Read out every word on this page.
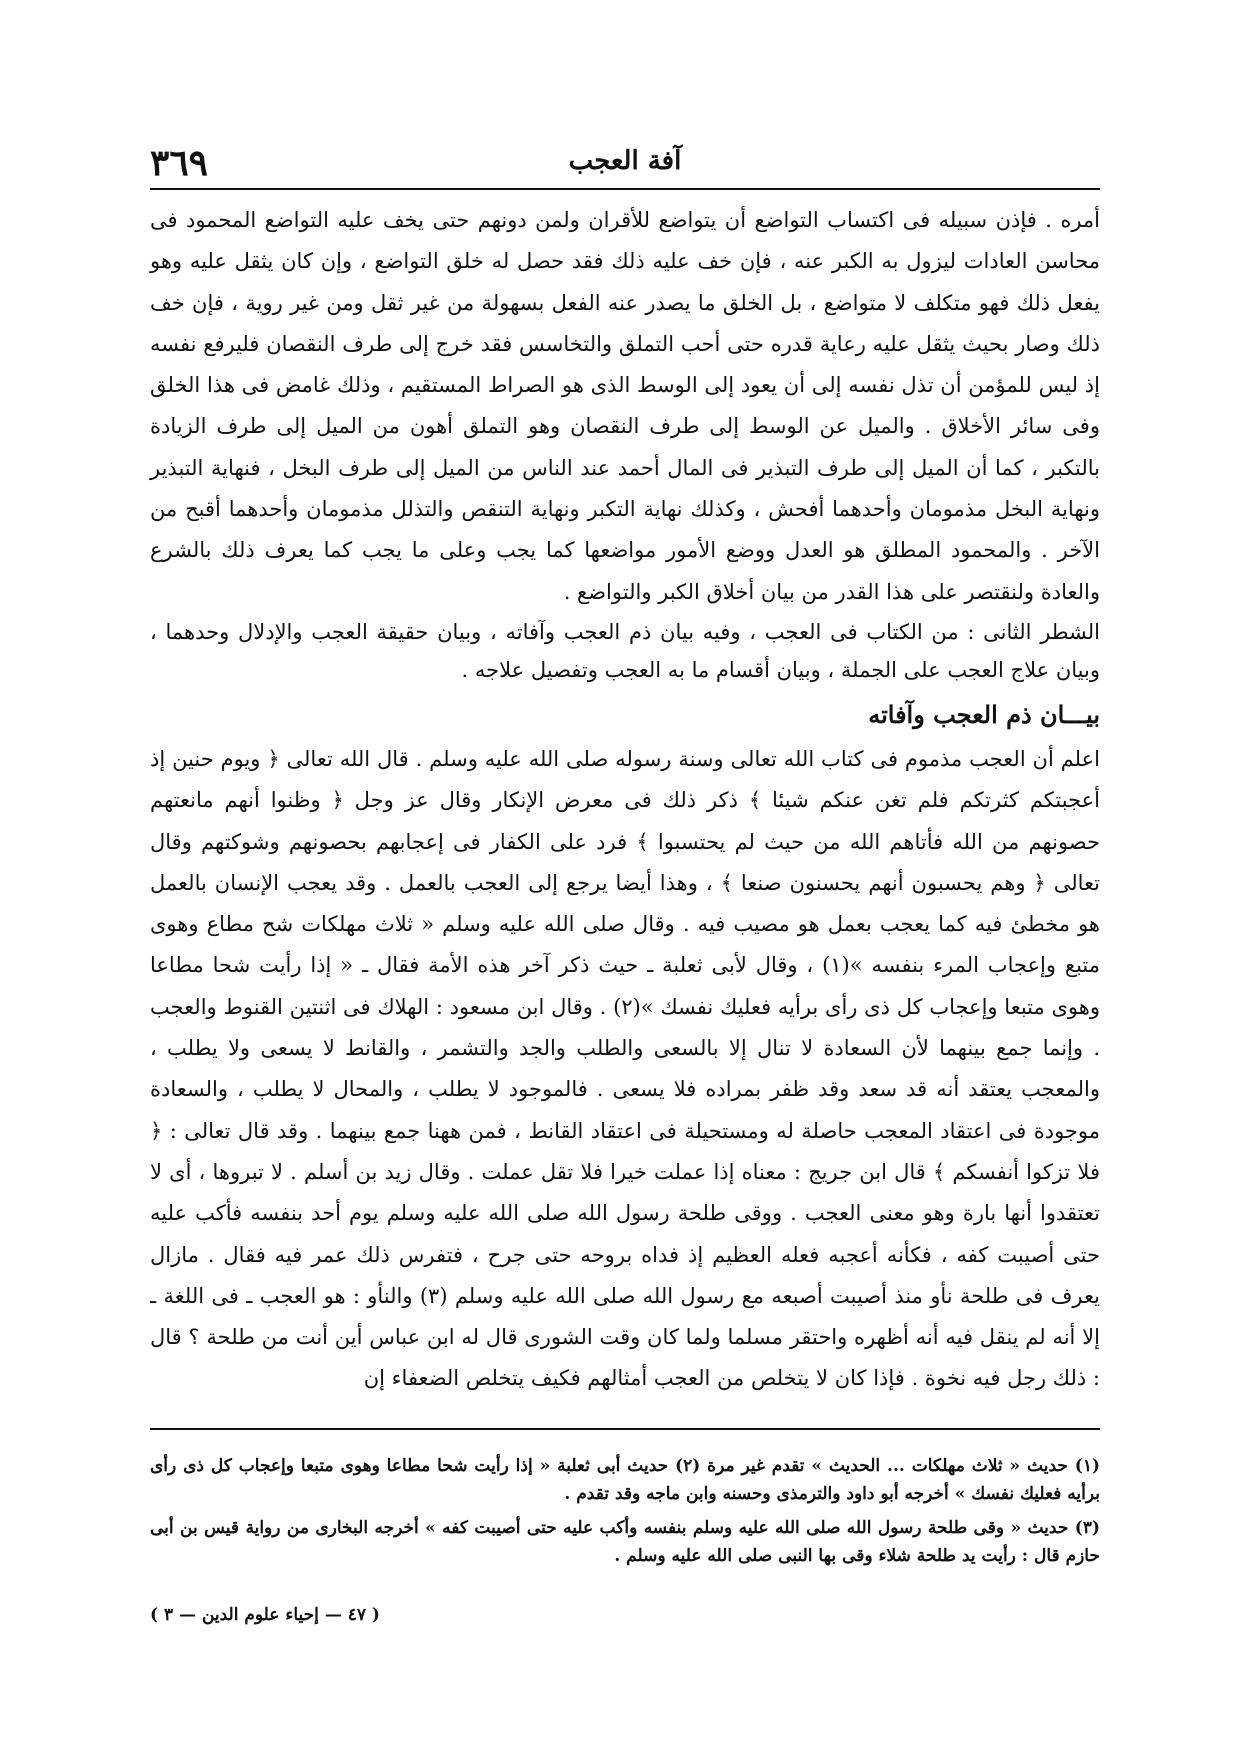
٣٦٩	آفة العجب

أمره . فإذن سبيله فى اكتساب التواضع أن يتواضع للأقران ولمن دونهم حتى يخف عليه التواضع المحمود فى محاسن العادات ليزول به الكبر عنه ، فإن خف عليه ذلك فقد حصل له خلق التواضع ، وإن كان يثقل عليه وهو يفعل ذلك فهو متكلف لا متواضع ، بل الخلق ما يصدر عنه الفعل بسهولة من غير ثقل ومن غير روية ، فإن خف ذلك وصار بحيث يثقل عليه رعاية قدره حتى أحب التملق والتخاسس فقد خرج إلى طرف النقصان فليرفع نفسه إذ ليس للمؤمن أن تذل نفسه إلى أن يعود إلى الوسط الذى هو الصراط المستقيم ، وذلك غامض فى هذا الخلق وفى سائر الأخلاق . والميل عن الوسط إلى طرف النقصان وهو التملق أهون من الميل إلى طرف الزيادة بالتكبر ، كما أن الميل إلى طرف التبذير فى المال أحمد عند الناس من الميل إلى طرف البخل ، فنهاية التبذير ونهاية البخل مذمومان وأحدهما أفحش ، وكذلك نهاية التكبر ونهاية التنقص والتذلل مذمومان وأحدهما أقبح من الآخر . والمحمود المطلق هو العدل ووضع الأمور مواضعها كما يجب وعلى ما يجب كما يعرف ذلك بالشرع والعادة ولنقتصر على هذا القدر من بيان أخلاق الكبر والتواضع .

الشطر الثانى : من الكتاب فى العجب ، وفيه بيان ذم العجب وآفاته ، وبيان حقيقة العجب والإدلال وحدهما ، وبيان علاج العجب على الجملة ، وبيان أقسام ما به العجب وتفصيل علاجه .

بيـــان ذم العجب وآفاته

اعلم أن العجب مذموم فى كتاب الله تعالى وسنة رسوله صلى الله عليه وسلم . قال الله تعالى ﴿ ويوم حنين إذ أعجبتكم كثرتكم فلم تغن عنكم شيئا ﴾ ذكر ذلك فى معرض الإنكار وقال عز وجل ﴿ وظنوا أنهم مانعتهم حصونهم من الله فأتاهم الله من حيث لم يحتسبوا ﴾ فرد على الكفار فى إعجابهم بحصونهم وشوكتهم وقال تعالى ﴿ وهم يحسبون أنهم يحسنون صنعا ﴾ ، وهذا أيضا يرجع إلى العجب بالعمل . وقد يعجب الإنسان بالعمل هو مخطئ فيه كما يعجب بعمل هو مصيب فيه . وقال صلى الله عليه وسلم « ثلاث مهلكات شح مطاع وهوى متبع وإعجاب المرء بنفسه »(١) ، وقال لأبى ثعلبة ـ حيث ذكر آخر هذه الأمة فقال ـ « إذا رأيت شحا مطاعا وهوى متبعا وإعجاب كل ذى رأى برأيه فعليك نفسك »(٢) . وقال ابن مسعود : الهلاك فى اثنتين القنوط والعجب . وإنما جمع بينهما لأن السعادة لا تنال إلا بالسعى والطلب والجد والتشمر ، والقانط لا يسعى ولا يطلب ، والمعجب يعتقد أنه قد سعد وقد ظفر بمراده فلا يسعى . فالموجود لا يطلب ، والمحال لا يطلب ، والسعادة موجودة فى اعتقاد المعجب حاصلة له ومستحيلة فى اعتقاد القانط ، فمن ههنا جمع بينهما . وقد قال تعالى : ﴿ فلا تزكوا أنفسكم ﴾ قال ابن جريج : معناه إذا عملت خيرا فلا تقل عملت . وقال زيد بن أسلم . لا تبروها ، أى لا تعتقدوا أنها بارة وهو معنى العجب . ووقى طلحة رسول الله صلى الله عليه وسلم يوم أحد بنفسه فأكب عليه حتى أصيبت كفه ، فكأنه أعجبه فعله العظيم إذ فداه بروحه حتى جرح ، فتفرس ذلك عمر فيه فقال . مازال يعرف فى طلحة نأو منذ أصيبت أصبعه مع رسول الله صلى الله عليه وسلم (٣) والنأو : هو العجب ـ فى اللغة ـ إلا أنه لم ينقل فيه أنه أظهره واحتقر مسلما ولما كان وقت الشورى قال له ابن عباس أين أنت من طلحة ؟ قال : ذلك رجل فيه نخوة . فإذا كان لا يتخلص من العجب أمثالهم فكيف يتخلص الضعفاء إن

(١) حديث « ثلاث مهلكات ... الحديث » تقدم غير مرة (٢) حديث أبى ثعلبة « إذا رأيت شحا مطاعا وهوى متبعا وإعجاب كل ذى رأى برأيه فعليك نفسك » أخرجه أبو داود والترمذى وحسنه وابن ماجه وقد تقدم .

(٣) حديث « وقى طلحة رسول الله صلى الله عليه وسلم بنفسه وأكب عليه حتى أصيبت كفه » أخرجه البخارى من رواية قيس بن أبى حازم قال : رأيت يد طلحة شلاء وقى بها النبى صلى الله عليه وسلم .

( ٤٧ — إحياء علوم الدين — ٣ )
